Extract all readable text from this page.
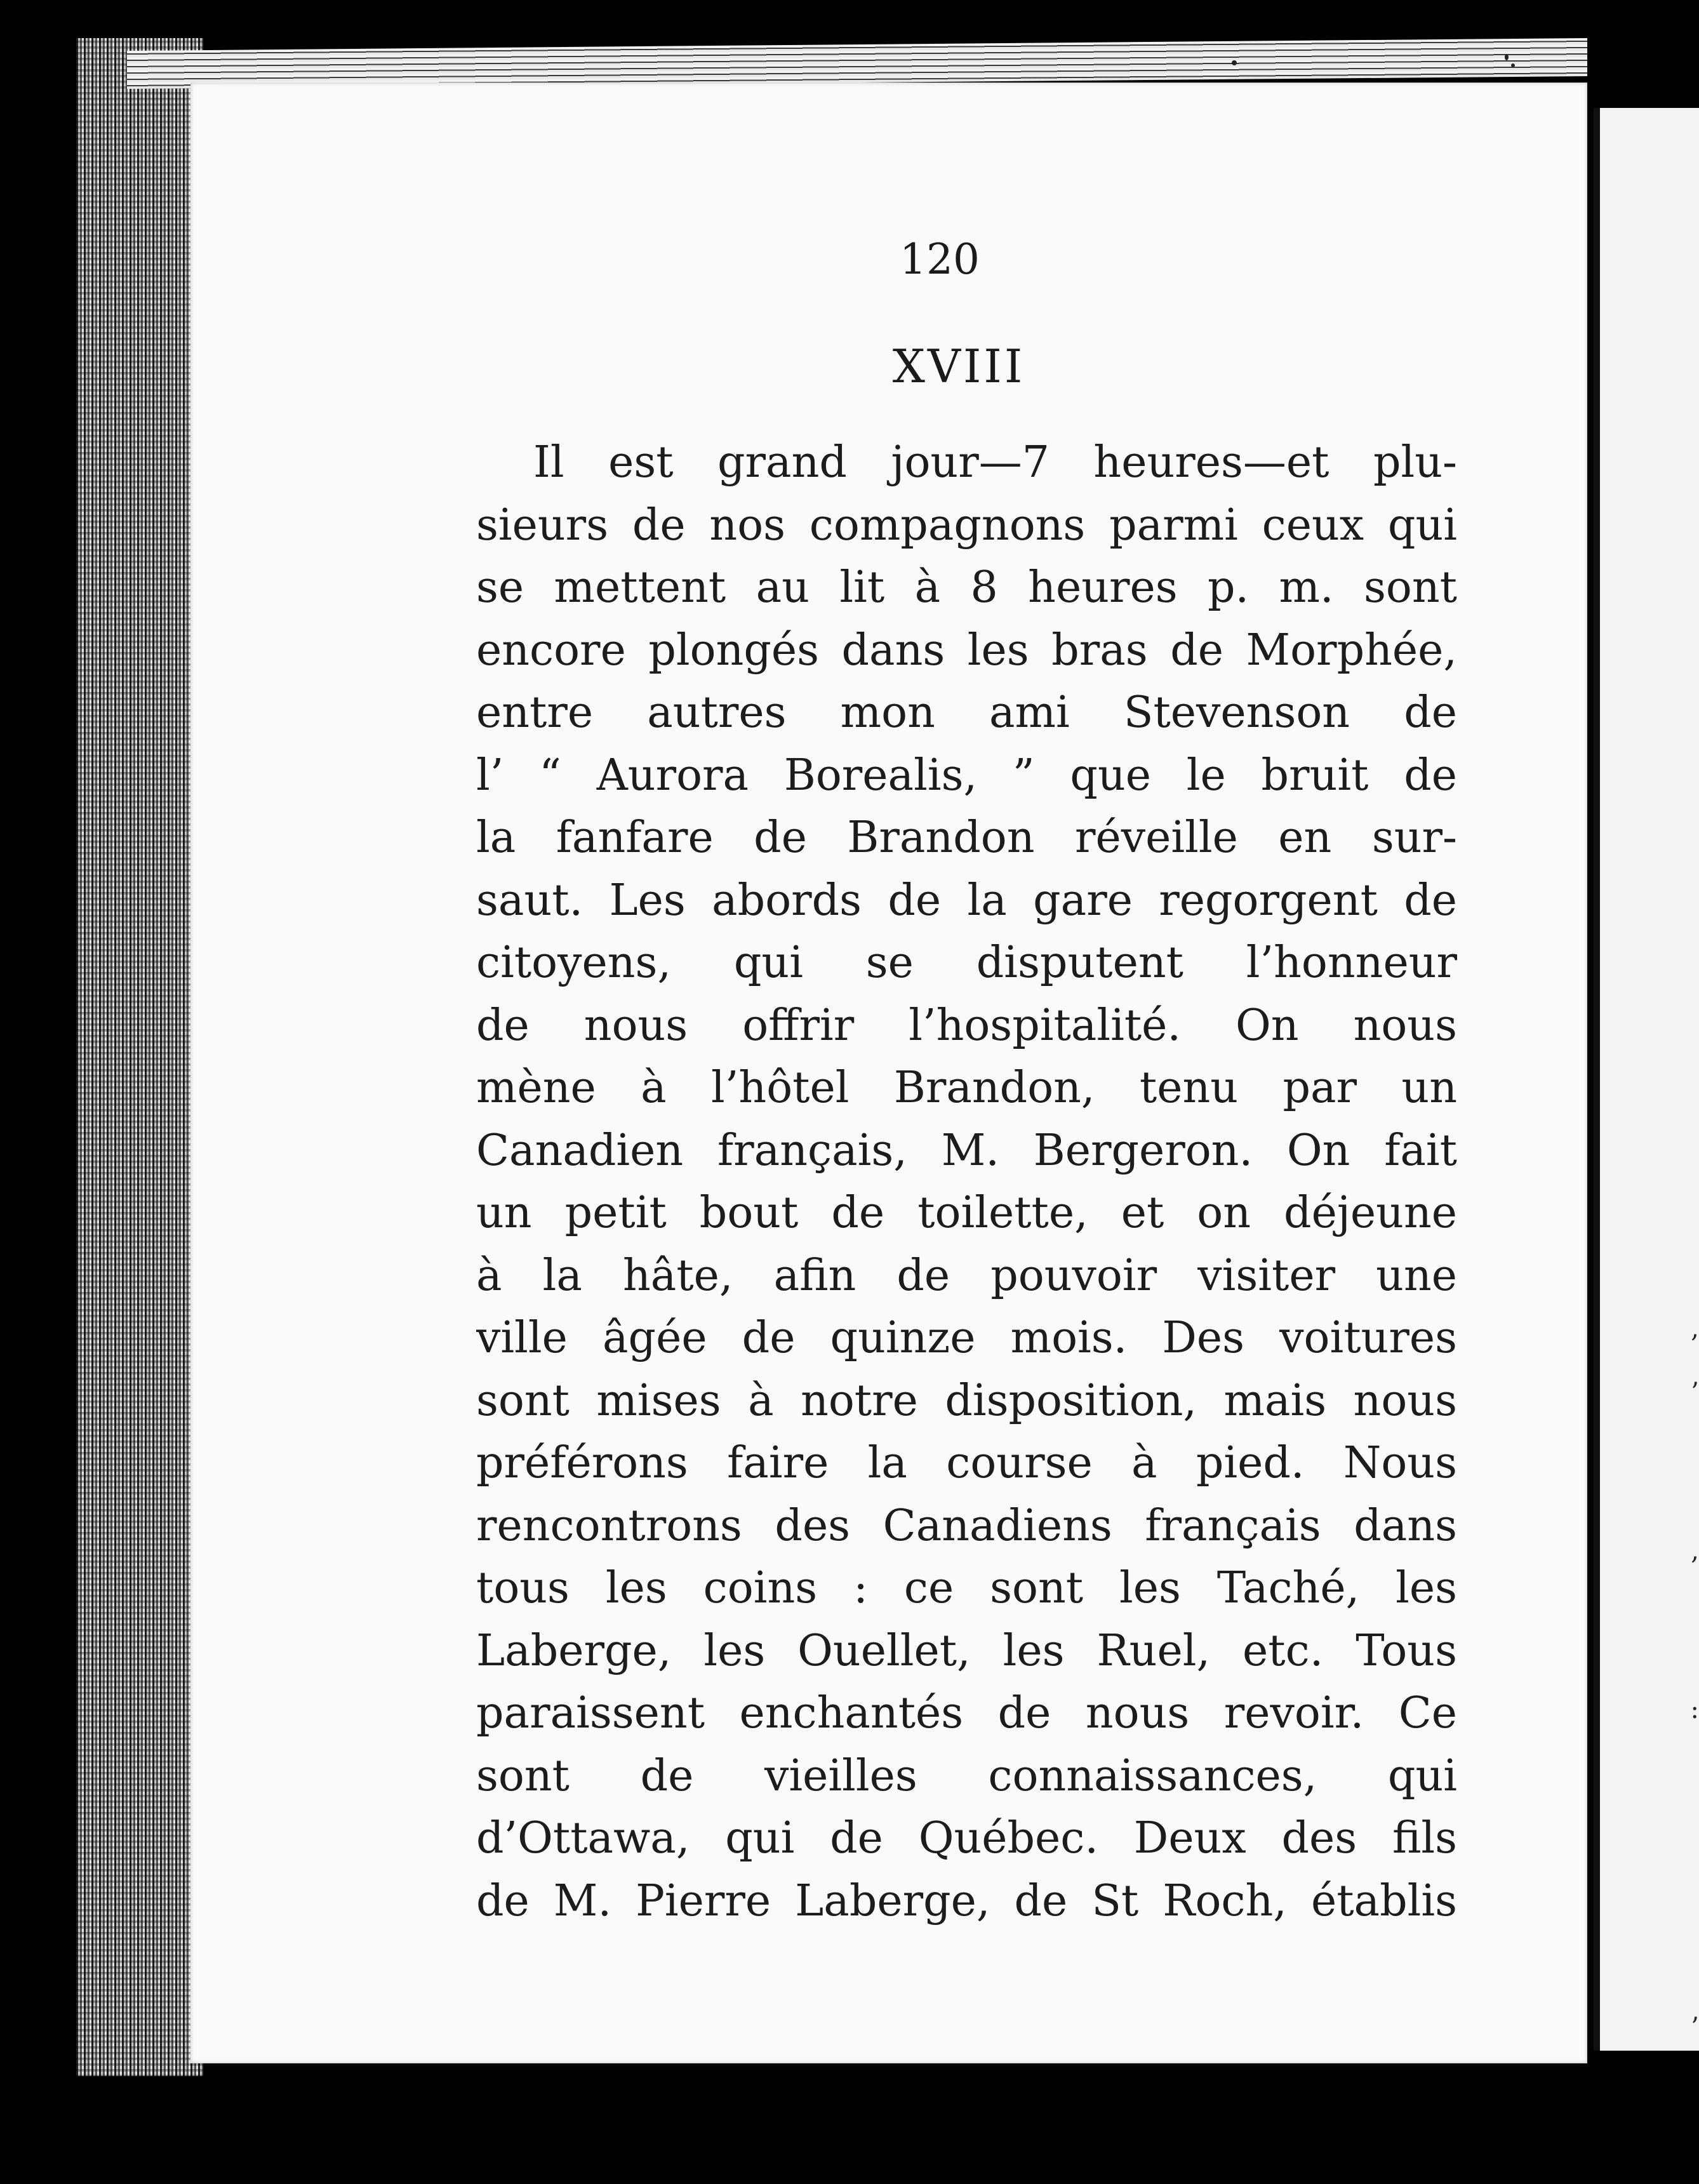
,
’
,
:
’
120
XVIII
Il est grand jour—7 heures—et plu-
sieurs de nos compagnons parmi ceux qui
se mettent au lit à 8 heures p. m. sont
encore plongés dans les bras de Morphée,
entre autres mon ami Stevenson de
l’ “ Aurora Borealis, ” que le bruit de
la fanfare de Brandon réveille en sur-
saut. Les abords de la gare regorgent de
citoyens, qui se disputent l’honneur
de nous offrir l’hospitalité. On nous
mène à l’hôtel Brandon, tenu par un
Canadien français, M. Bergeron. On fait
un petit bout de toilette, et on déjeune
à la hâte, afin de pouvoir visiter une
ville âgée de quinze mois. Des voitures
sont mises à notre disposition, mais nous
préférons faire la course à pied. Nous
rencontrons des Canadiens français dans
tous les coins : ce sont les Taché, les
Laberge, les Ouellet, les Ruel, etc. Tous
paraissent enchantés de nous revoir. Ce
sont de vieilles connaissances, qui
d’Ottawa, qui de Québec. Deux des fils
de M. Pierre Laberge, de St Roch, établis
